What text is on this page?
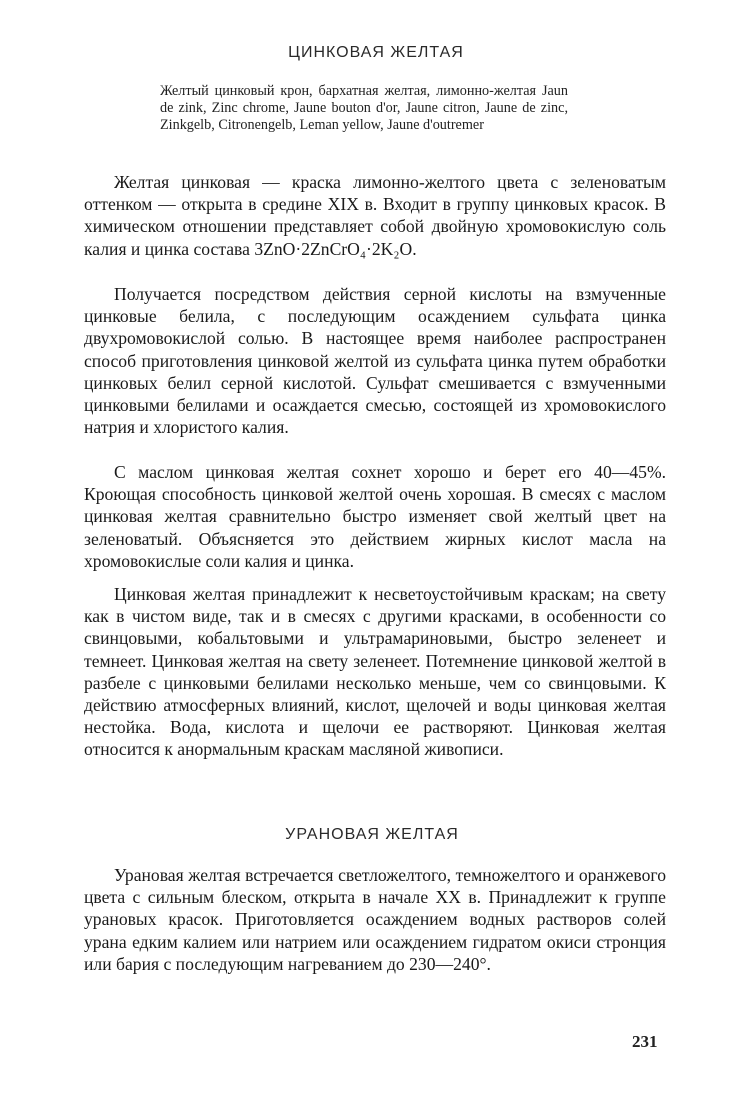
ЦИНКОВАЯ ЖЕЛТАЯ
Желтый цинковый крон, бархатная желтая, лимонно-желтая Jaun de zink, Zinc chrome, Jaune bouton d'or, Jaune citron, Jaune de zinc, Zinkgelb, Citronengelb, Leman yellow, Jaune d'outremer

Желтая цинковая — краска лимонно-желтого цвета с зеленоватым оттенком — открыта в средине XIX в. Входит в группу цинковых красок. В химическом отношении представляет собой двойную хромовокислую соль калия и цинка состава 3ZnO·2ZnCrO₄·2K₂O.

Получается посредством действия серной кислоты на взмученные цинковые белила, с последующим осаждением сульфата цинка двухромовокислой солью. В настоящее время наиболее распространен способ приготовления цинковой желтой из сульфата цинка путем обработки цинковых белил серной кислотой. Сульфат смешивается с взмученными цинковыми белилами и осаждается смесью, состоящей из хромовокислого натрия и хлористого калия.

С маслом цинковая желтая сохнет хорошо и берет его 40—45%. Кроющая способность цинковой желтой очень хорошая. В смесях с маслом цинковая желтая сравнительно быстро изменяет свой желтый цвет на зеленоватый. Объясняется это действием жирных кислот масла на хромовокислые соли калия и цинка.

Цинковая желтая принадлежит к несветоустойчивым краскам; на свету как в чистом виде, так и в смесях с другими красками, в особенности со свинцовыми, кобальтовыми и ультрамариновыми, быстро зеленеет и темнеет. Цинковая желтая на свету зеленеет. Потемнение цинковой желтой в разбеле с цинковыми белилами несколько меньше, чем со свинцовыми. К действию атмосферных влияний, кислот, щелочей и воды цинковая желтая нестойка. Вода, кислота и щелочи ее растворяют. Цинковая желтая относится к анормальным краскам масляной живописи.

УРАНОВАЯ ЖЕЛТАЯ

Урановая желтая встречается светложелтого, темножелтого и оранжевого цвета с сильным блеском, открыта в начале XX в. Принадлежит к группе урановых красок. Приготовляется осаждением водных растворов солей урана едким калием или натрием или осаждением гидратом окиси стронция или бария с последующим нагреванием до 230—240°.

231
